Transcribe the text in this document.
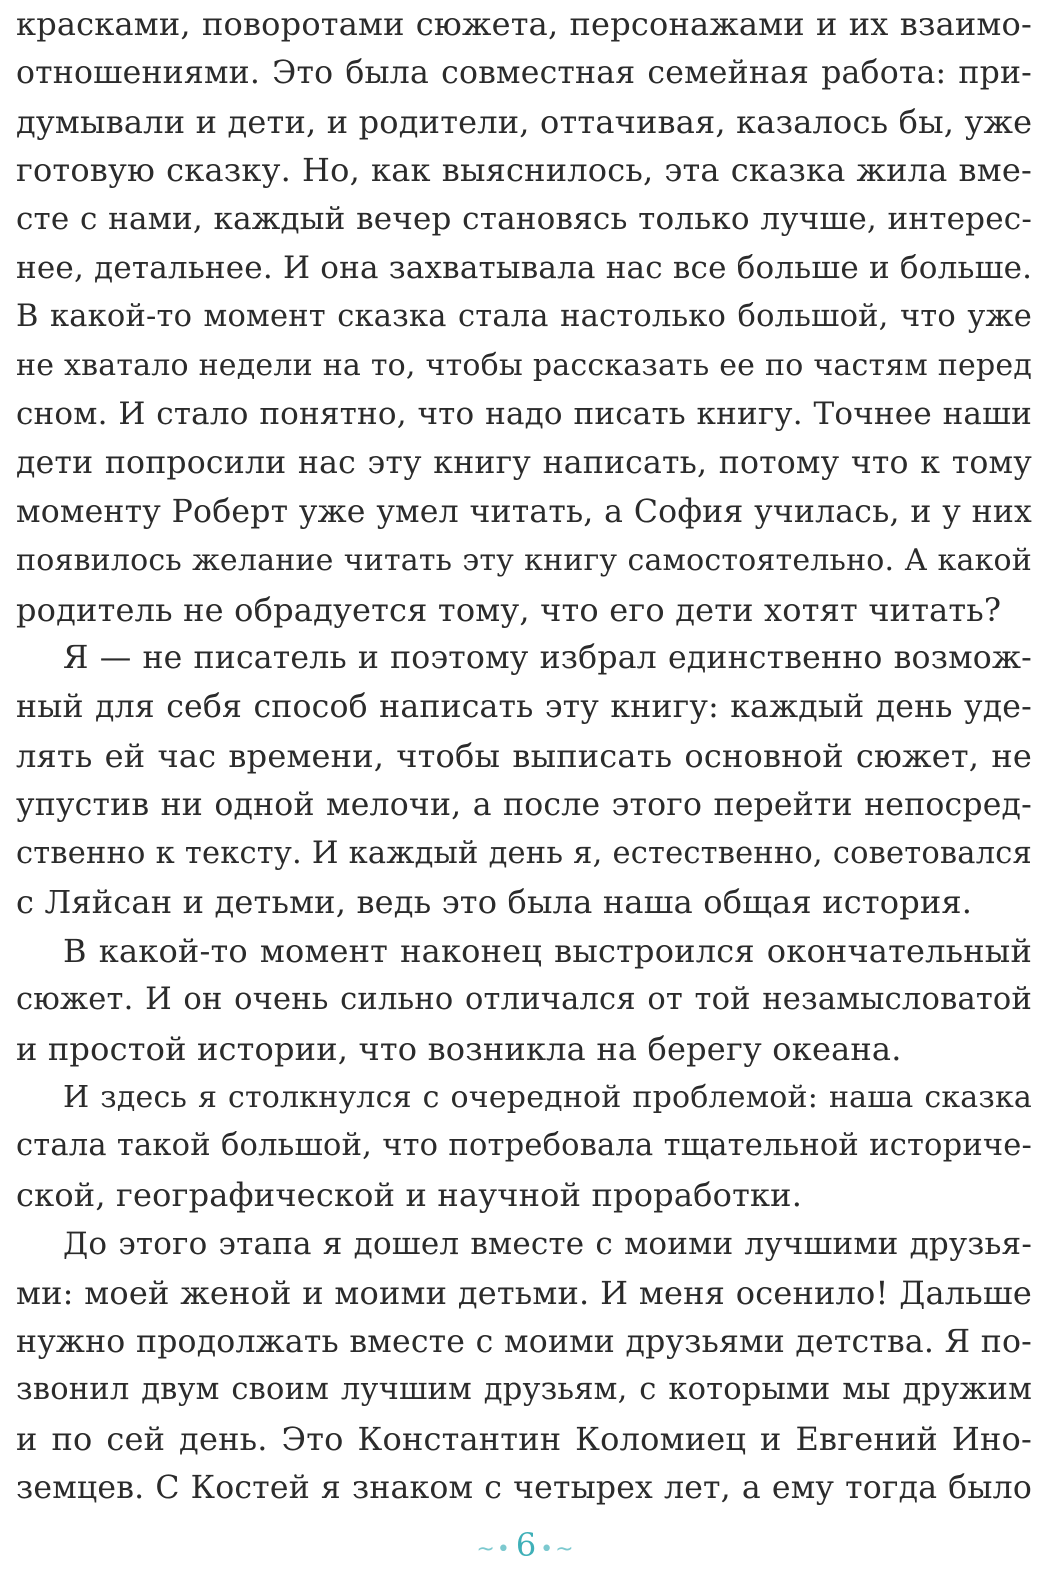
красками, поворотами сюжета, персонажами и их взаимо-
отношениями. Это была совместная семейная работа: при-
думывали и дети, и родители, оттачивая, казалось бы, уже
готовую сказку. Но, как выяснилось, эта сказка жила вме-
сте с нами, каждый вечер становясь только лучше, интерес-
нее, детальнее. И она захватывала нас все больше и больше.
В какой-то момент сказка стала настолько большой, что уже
не хватало недели на то, чтобы рассказать ее по частям перед
сном. И стало понятно, что надо писать книгу. Точнее наши
дети попросили нас эту книгу написать, потому что к тому
моменту Роберт уже умел читать, а София училась, и у них
появилось желание читать эту книгу самостоятельно. А какой
родитель не обрадуется тому, что его дети хотят читать?
Я — не писатель и поэтому избрал единственно возмож-
ный для себя способ написать эту книгу: каждый день уде-
лять ей час времени, чтобы выписать основной сюжет, не
упустив ни одной мелочи, а после этого перейти непосред-
ственно к тексту. И каждый день я, естественно, советовался
с Ляйсан и детьми, ведь это была наша общая история.
В какой-то момент наконец выстроился окончательный
сюжет. И он очень сильно отличался от той незамысловатой
и простой истории, что возникла на берегу океана.
И здесь я столкнулся с очередной проблемой: наша сказка
стала такой большой, что потребовала тщательной историче-
ской, географической и научной проработки.
До этого этапа я дошел вместе с моими лучшими друзья-
ми: моей женой и моими детьми. И меня осенило! Дальше
нужно продолжать вместе с моими друзьями детства. Я по-
звонил двум своим лучшим друзьям, с которыми мы дружим
и по сей день. Это Константин Коломиец и Евгений Ино-
земцев. С Костей я знаком с четырех лет, а ему тогда было
~• 6 •~
